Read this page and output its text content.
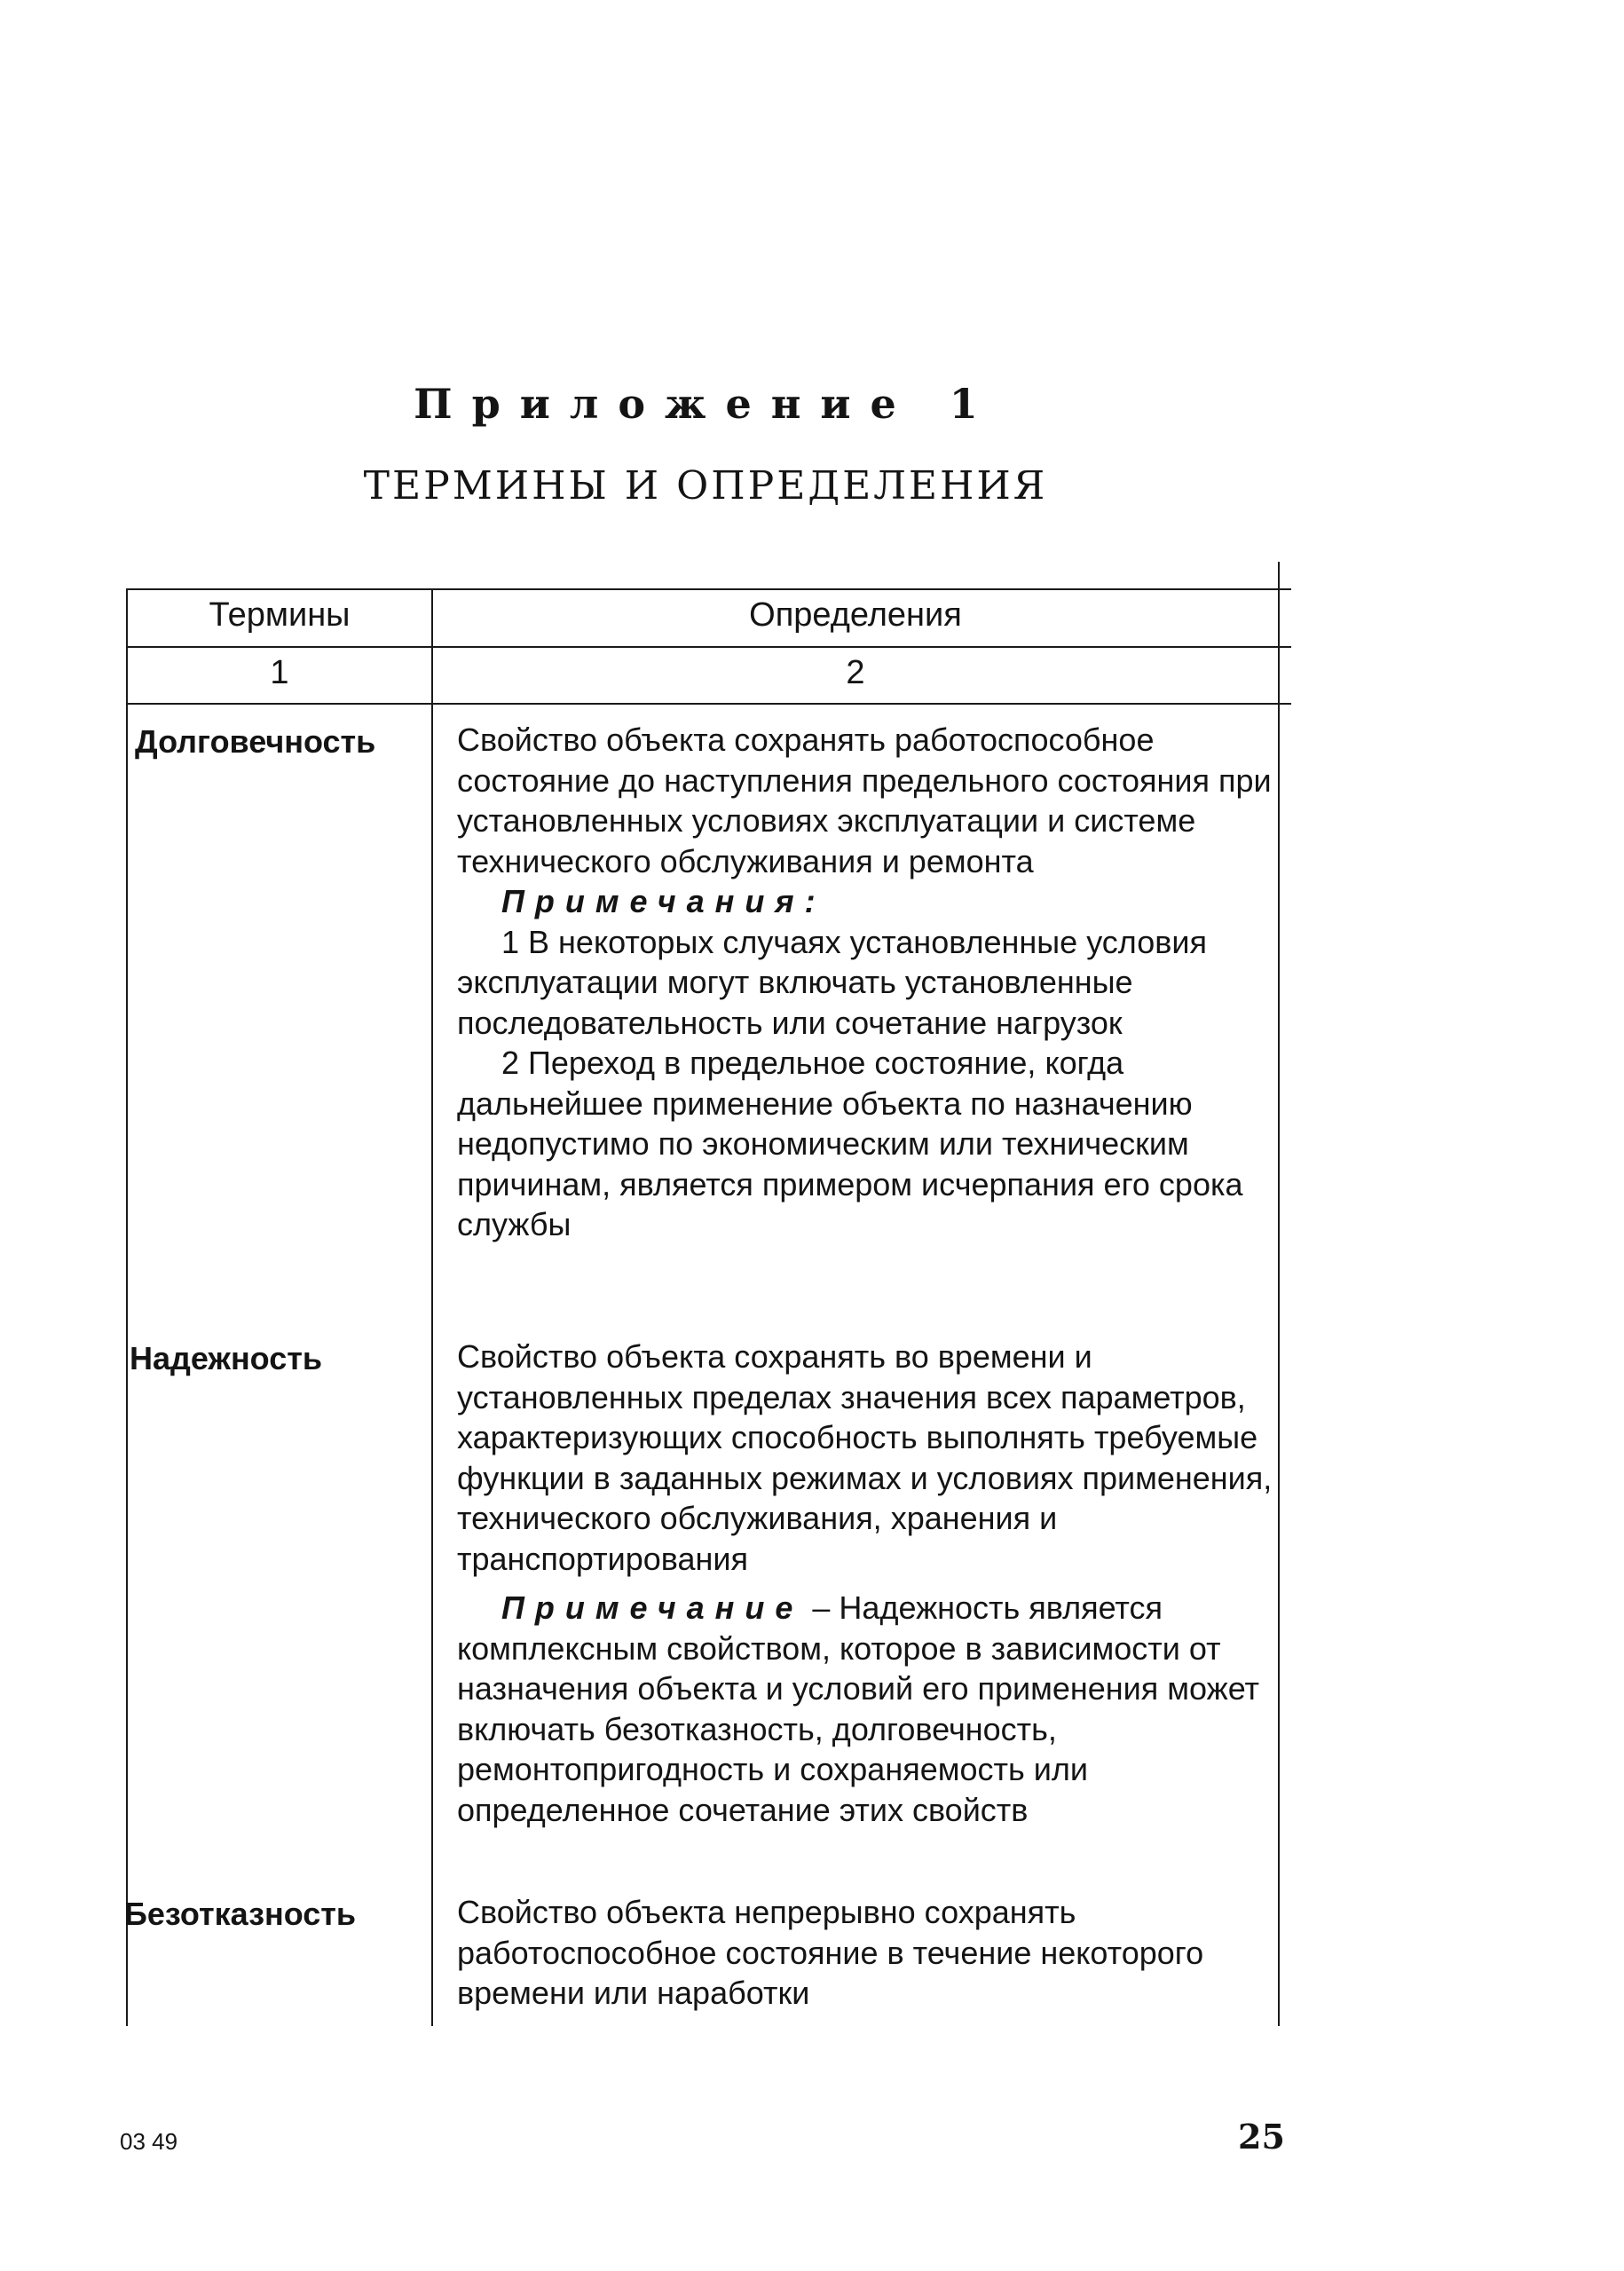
Приложение 1
ТЕРМИНЫ И ОПРЕДЕЛЕНИЯ
Термины	Определения
1	2
Долговечность	Свойство объекта сохранять работоспособное состояние до наступления предельного состояния при установленных условиях эксплуатации и системе технического обслуживания и ремонта

Примечания:

1 В некоторых случаях установленные условия эксплуатации могут включать установленные последовательность или сочетание нагрузок

2 Переход в предельное состояние, когда дальнейшее применение объекта по назначению недопустимо по экономическим или техническим причинам, является примером исчерпания его срока службы

Надежность	Свойство объекта сохранять во времени и установленных пределах значения всех параметров, характеризующих способность выполнять требуемые функции в заданных режимах и условиях применения, технического обслуживания, хранения и транспортирования

Примечание – Надежность является комплексным свойством, которое в зависимости от назначения объекта и условий его применения может включать безотказность, долговечность, ремонтопригодность и сохраняемость или определенное сочетание этих свойств

Безотказность	Свойство объекта непрерывно сохранять работоспособное состояние в течение некоторого времени или наработки

03 49	25
